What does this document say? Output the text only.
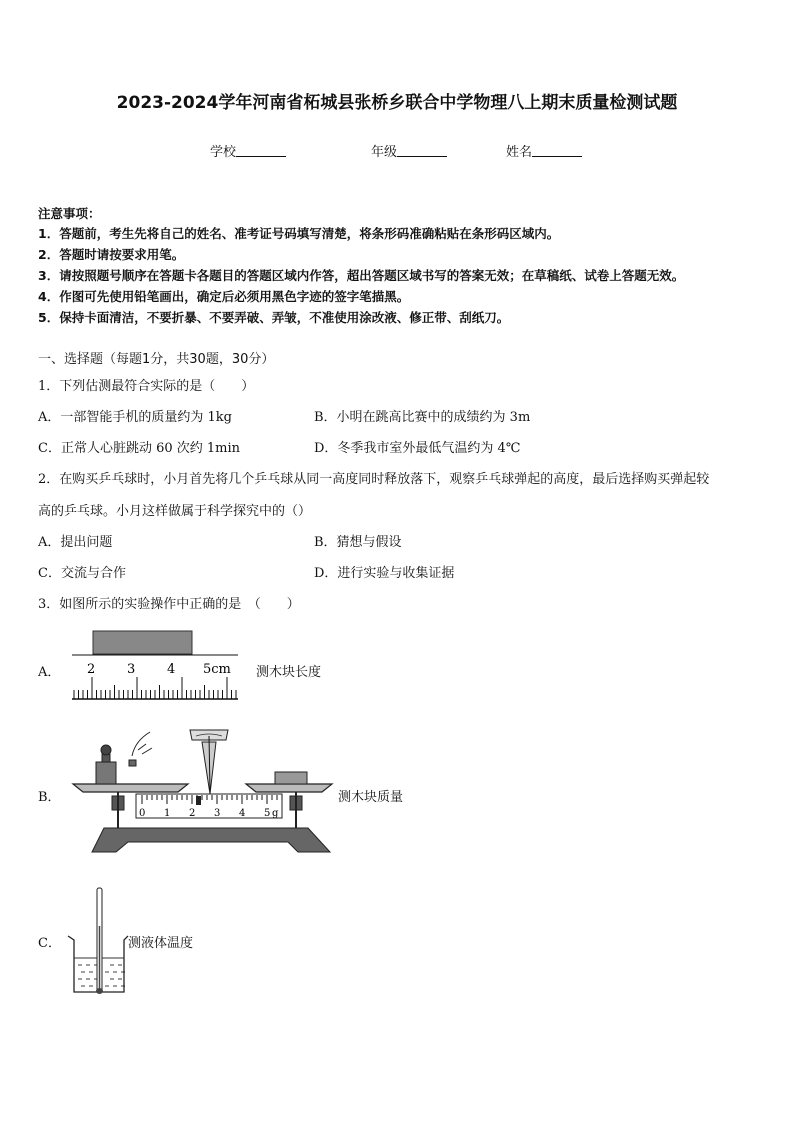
2023-2024学年河南省柘城县张桥乡联合中学物理八上期末质量检测试题
学校	年级	姓名
注意事项：
1．答题前，考生先将自己的姓名、准考证号码填写清楚，将条形码准确粘贴在条形码区域内。
2．答题时请按要求用笔。
3．请按照题号顺序在答题卡各题目的答题区域内作答，超出答题区域书写的答案无效；在草稿纸、试卷上答题无效。
4．作图可先使用铅笔画出，确定后必须用黑色字迹的签字笔描黑。
5．保持卡面清洁，不要折暴、不要弄破、弄皱，不准使用涂改液、修正带、刮纸刀。
一、选择题（每题1分，共30题，30分）
1．下列估测最符合实际的是（　　）
A．一部智能手机的质量约为 1kg	B．小明在跳高比赛中的成绩约为 3m
C．正常人心脏跳动 60 次约 1min	D．冬季我市室外最低气温约为 4℃
2．在购买乒乓球时，小月首先将几个乒乓球从同一高度同时释放落下，观察乒乓球弹起的高度，最后选择购买弹起较
高的乒乓球。小月这样做属于科学探究中的（）
A．提出问题	B．猜想与假设
C．交流与合作	D．进行实验与收集证据
3．如图所示的实验操作中正确的是　（　　）
A． 2 3 4 5cm 测木块长度
B．
0 1 2 3 4 5 g
测木块质量
C．	测液体温度
